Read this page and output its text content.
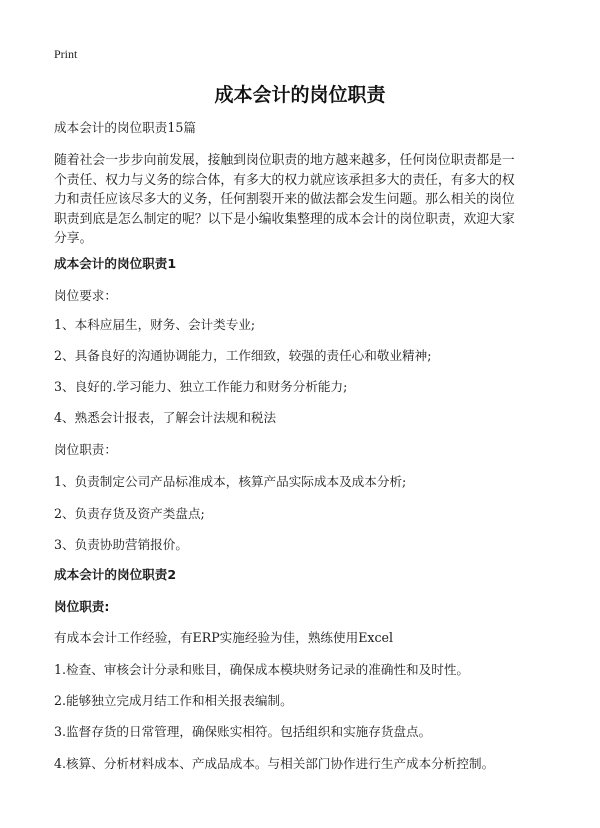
Print
成本会计的岗位职责
成本会计的岗位职责15篇
随着社会一步步向前发展，接触到岗位职责的地方越来越多，任何岗位职责都是一
个责任、权力与义务的综合体，有多大的权力就应该承担多大的责任，有多大的权
力和责任应该尽多大的义务，任何割裂开来的做法都会发生问题。那么相关的岗位
职责到底是怎么制定的呢？以下是小编收集整理的成本会计的岗位职责，欢迎大家
分享。
成本会计的岗位职责1
岗位要求：
1、本科应届生，财务、会计类专业;
2、具备良好的沟通协调能力，工作细致，较强的责任心和敬业精神;
3、良好的.学习能力、独立工作能力和财务分析能力;
4、熟悉会计报表，了解会计法规和税法
岗位职责：
1、负责制定公司产品标准成本，核算产品实际成本及成本分析;
2、负责存货及资产类盘点;
3、负责协助营销报价。
成本会计的岗位职责2
岗位职责:
有成本会计工作经验，有ERP实施经验为佳，熟练使用Excel
1.检查、审核会计分录和账目，确保成本模块财务记录的准确性和及时性。
2.能够独立完成月结工作和相关报表编制。
3.监督存货的日常管理，确保账实相符。包括组织和实施存货盘点。
4.核算、分析材料成本、产成品成本。与相关部门协作进行生产成本分析控制。
